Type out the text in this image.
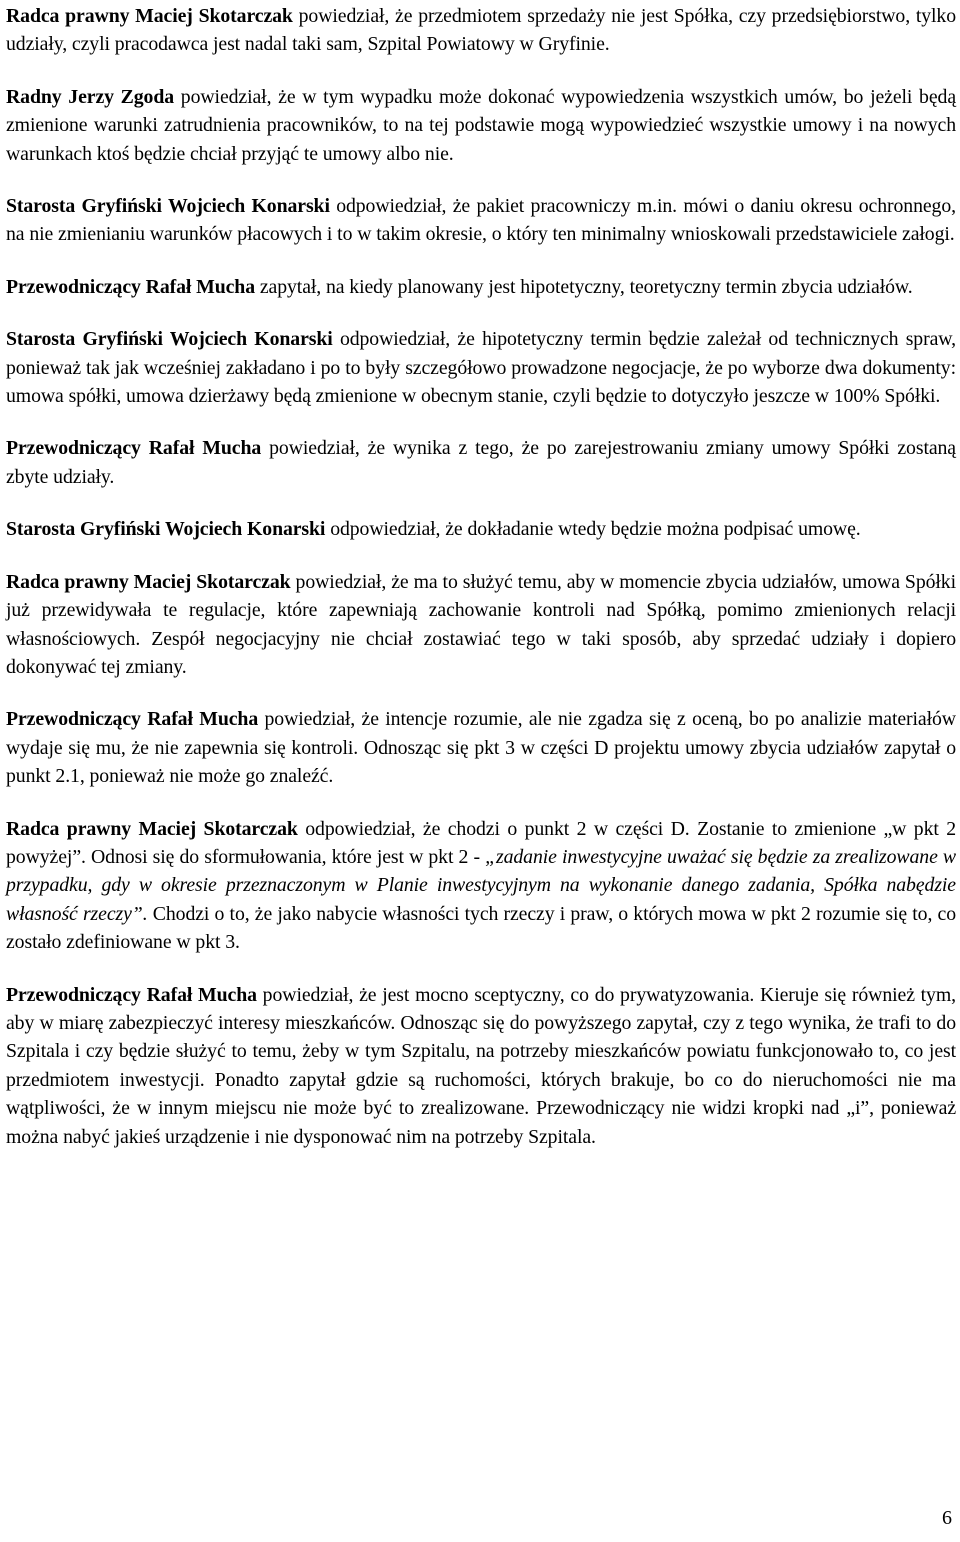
Radca prawny Maciej Skotarczak powiedział, że przedmiotem sprzedaży nie jest Spółka, czy przedsiębiorstwo, tylko udziały, czyli pracodawca jest nadal taki sam, Szpital Powiatowy w Gryfinie.

Radny Jerzy Zgoda powiedział, że w tym wypadku może dokonać wypowiedzenia wszystkich umów, bo jeżeli będą zmienione warunki zatrudnienia pracowników, to na tej podstawie mogą wypowiedzieć wszystkie umowy i na nowych warunkach ktoś będzie chciał przyjąć te umowy albo nie.

Starosta Gryfiński Wojciech Konarski odpowiedział, że pakiet pracowniczy m.in. mówi o daniu okresu ochronnego, na nie zmienianiu warunków płacowych i to w takim okresie, o który ten minimalny wnioskowali przedstawiciele załogi.

Przewodniczący Rafał Mucha zapytał, na kiedy planowany jest hipotetyczny, teoretyczny termin zbycia udziałów.

Starosta Gryfiński Wojciech Konarski odpowiedział, że hipotetyczny termin będzie zależał od technicznych spraw, ponieważ tak jak wcześniej zakładano i po to były szczegółowo prowadzone negocjacje, że po wyborze dwa dokumenty: umowa spółki, umowa dzierżawy będą zmienione w obecnym stanie, czyli będzie to dotyczyło jeszcze w 100% Spółki.

Przewodniczący Rafał Mucha powiedział, że wynika z tego, że po zarejestrowaniu zmiany umowy Spółki zostaną zbyte udziały.

Starosta Gryfiński Wojciech Konarski odpowiedział, że dokładanie wtedy będzie można podpisać umowę.

Radca prawny Maciej Skotarczak powiedział, że ma to służyć temu, aby w momencie zbycia udziałów, umowa Spółki już przewidywała te regulacje, które zapewniają zachowanie kontroli nad Spółką, pomimo zmienionych relacji własnościowych. Zespół negocjacyjny nie chciał zostawiać tego w taki sposób, aby sprzedać udziały i dopiero dokonywać tej zmiany.

Przewodniczący Rafał Mucha powiedział, że intencje rozumie, ale nie zgadza się z oceną, bo po analizie materiałów wydaje się mu, że nie zapewnia się kontroli. Odnosząc się pkt 3 w części D projektu umowy zbycia udziałów zapytał o punkt 2.1, ponieważ nie może go znaleźć.

Radca prawny Maciej Skotarczak odpowiedział, że chodzi o punkt 2 w części D. Zostanie to zmienione „w pkt 2 powyżej”. Odnosi się do sformułowania, które jest w pkt 2 - „zadanie inwestycyjne uważać się będzie za zrealizowane w przypadku, gdy w okresie przeznaczonym w Planie inwestycyjnym na wykonanie danego zadania, Spółka nabędzie własność rzeczy”. Chodzi o to, że jako nabycie własności tych rzeczy i praw, o których mowa w pkt 2 rozumie się to, co zostało zdefiniowane w pkt 3.

Przewodniczący Rafał Mucha powiedział, że jest mocno sceptyczny, co do prywatyzowania. Kieruje się również tym, aby w miarę zabezpieczyć interesy mieszkańców. Odnosząc się do powyższego zapytał, czy z tego wynika, że trafi to do Szpitala i czy będzie służyć to temu, żeby w tym Szpitalu, na potrzeby mieszkańców powiatu funkcjonowało to, co jest przedmiotem inwestycji. Ponadto zapytał gdzie są ruchomości, których brakuje, bo co do nieruchomości nie ma wątpliwości, że w innym miejscu nie może być to zrealizowane. Przewodniczący nie widzi kropki nad „i”, ponieważ można nabyć jakieś urządzenie i nie dysponować nim na potrzeby Szpitala.

6
